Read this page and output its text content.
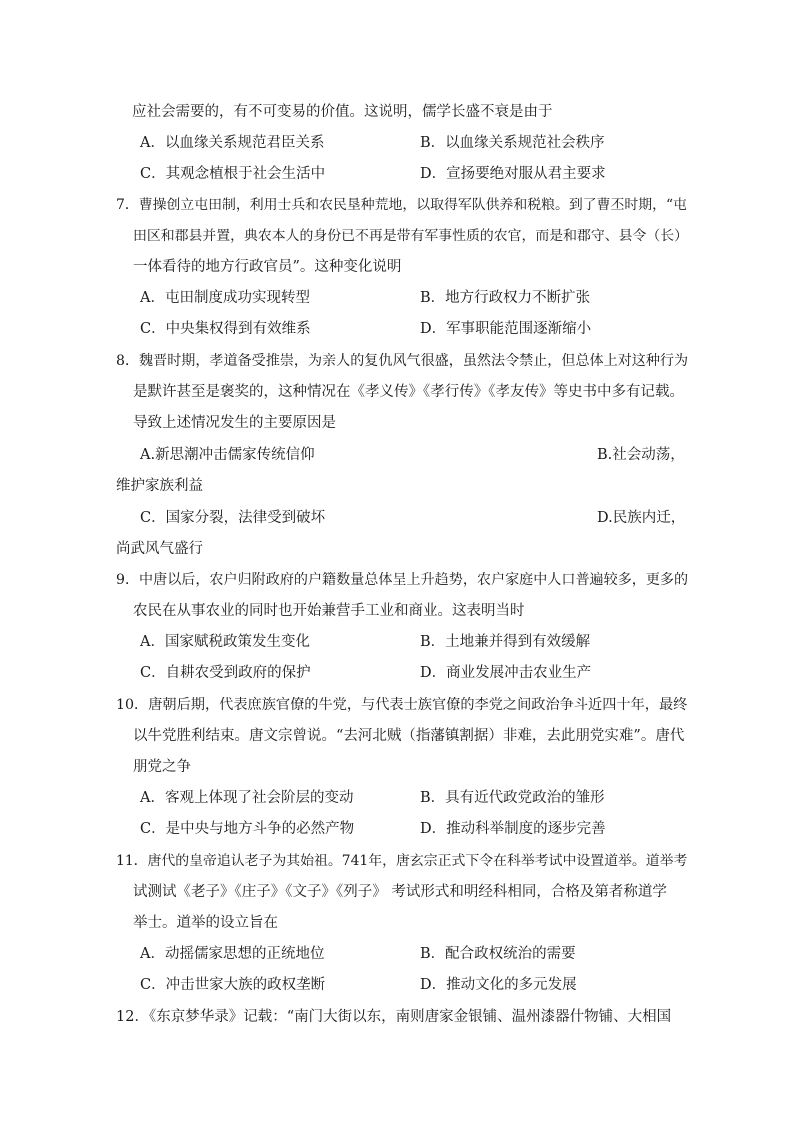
应社会需要的，有不可变易的价值。这说明，儒学长盛不衰是由于
A．以血缘关系规范君臣关系	B．以血缘关系规范社会秩序
C．其观念植根于社会生活中	D．宣扬要绝对服从君主要求
7．曹操创立屯田制，利用士兵和农民垦种荒地，以取得军队供养和税粮。到了曹丕时期，“屯
田区和郡县并置，典农本人的身份已不再是带有军事性质的农官，而是和郡守、县令（长）
一体看待的地方行政官员”。这种变化说明
A．屯田制度成功实现转型	B．地方行政权力不断扩张
C．中央集权得到有效维系	D．军事职能范围逐渐缩小
8．魏晋时期，孝道备受推崇，为亲人的复仇风气很盛，虽然法令禁止，但总体上对这种行为
是默许甚至是褒奖的，这种情况在《孝义传》《孝行传》《孝友传》等史书中多有记载。
导致上述情况发生的主要原因是
A.新思潮冲击儒家传统信仰	B.社会动荡，
维护家族利益
C．国家分裂，法律受到破坏	D.民族内迁，
尚武风气盛行
9．中唐以后，农户归附政府的户籍数量总体呈上升趋势，农户家庭中人口普遍较多，更多的
农民在从事农业的同时也开始兼营手工业和商业。这表明当时
A．国家赋税政策发生变化	B．土地兼并得到有效缓解
C．自耕农受到政府的保护	D．商业发展冲击农业生产
10．唐朝后期，代表庶族官僚的牛党，与代表士族官僚的李党之间政治争斗近四十年，最终
以牛党胜利结束。唐文宗曾说。“去河北贼（指藩镇割据）非难，去此朋党实难”。唐代
朋党之争
A．客观上体现了社会阶层的变动	B．具有近代政党政治的雏形
C．是中央与地方斗争的必然产物	D．推动科举制度的逐步完善
11．唐代的皇帝追认老子为其始祖。741年，唐玄宗正式下令在科举考试中设置道举。道举考
试测试《老子》《庄子》《文子》《列子》 考试形式和明经科相同，合格及第者称道学
举士。道举的设立旨在
A．动摇儒家思想的正统地位	B．配合政权统治的需要
C．冲击世家大族的政权垄断	D．推动文化的多元发展
12．《东京梦华录》记载：“南门大街以东，南则唐家金银铺、温州漆器什物铺、大相国
